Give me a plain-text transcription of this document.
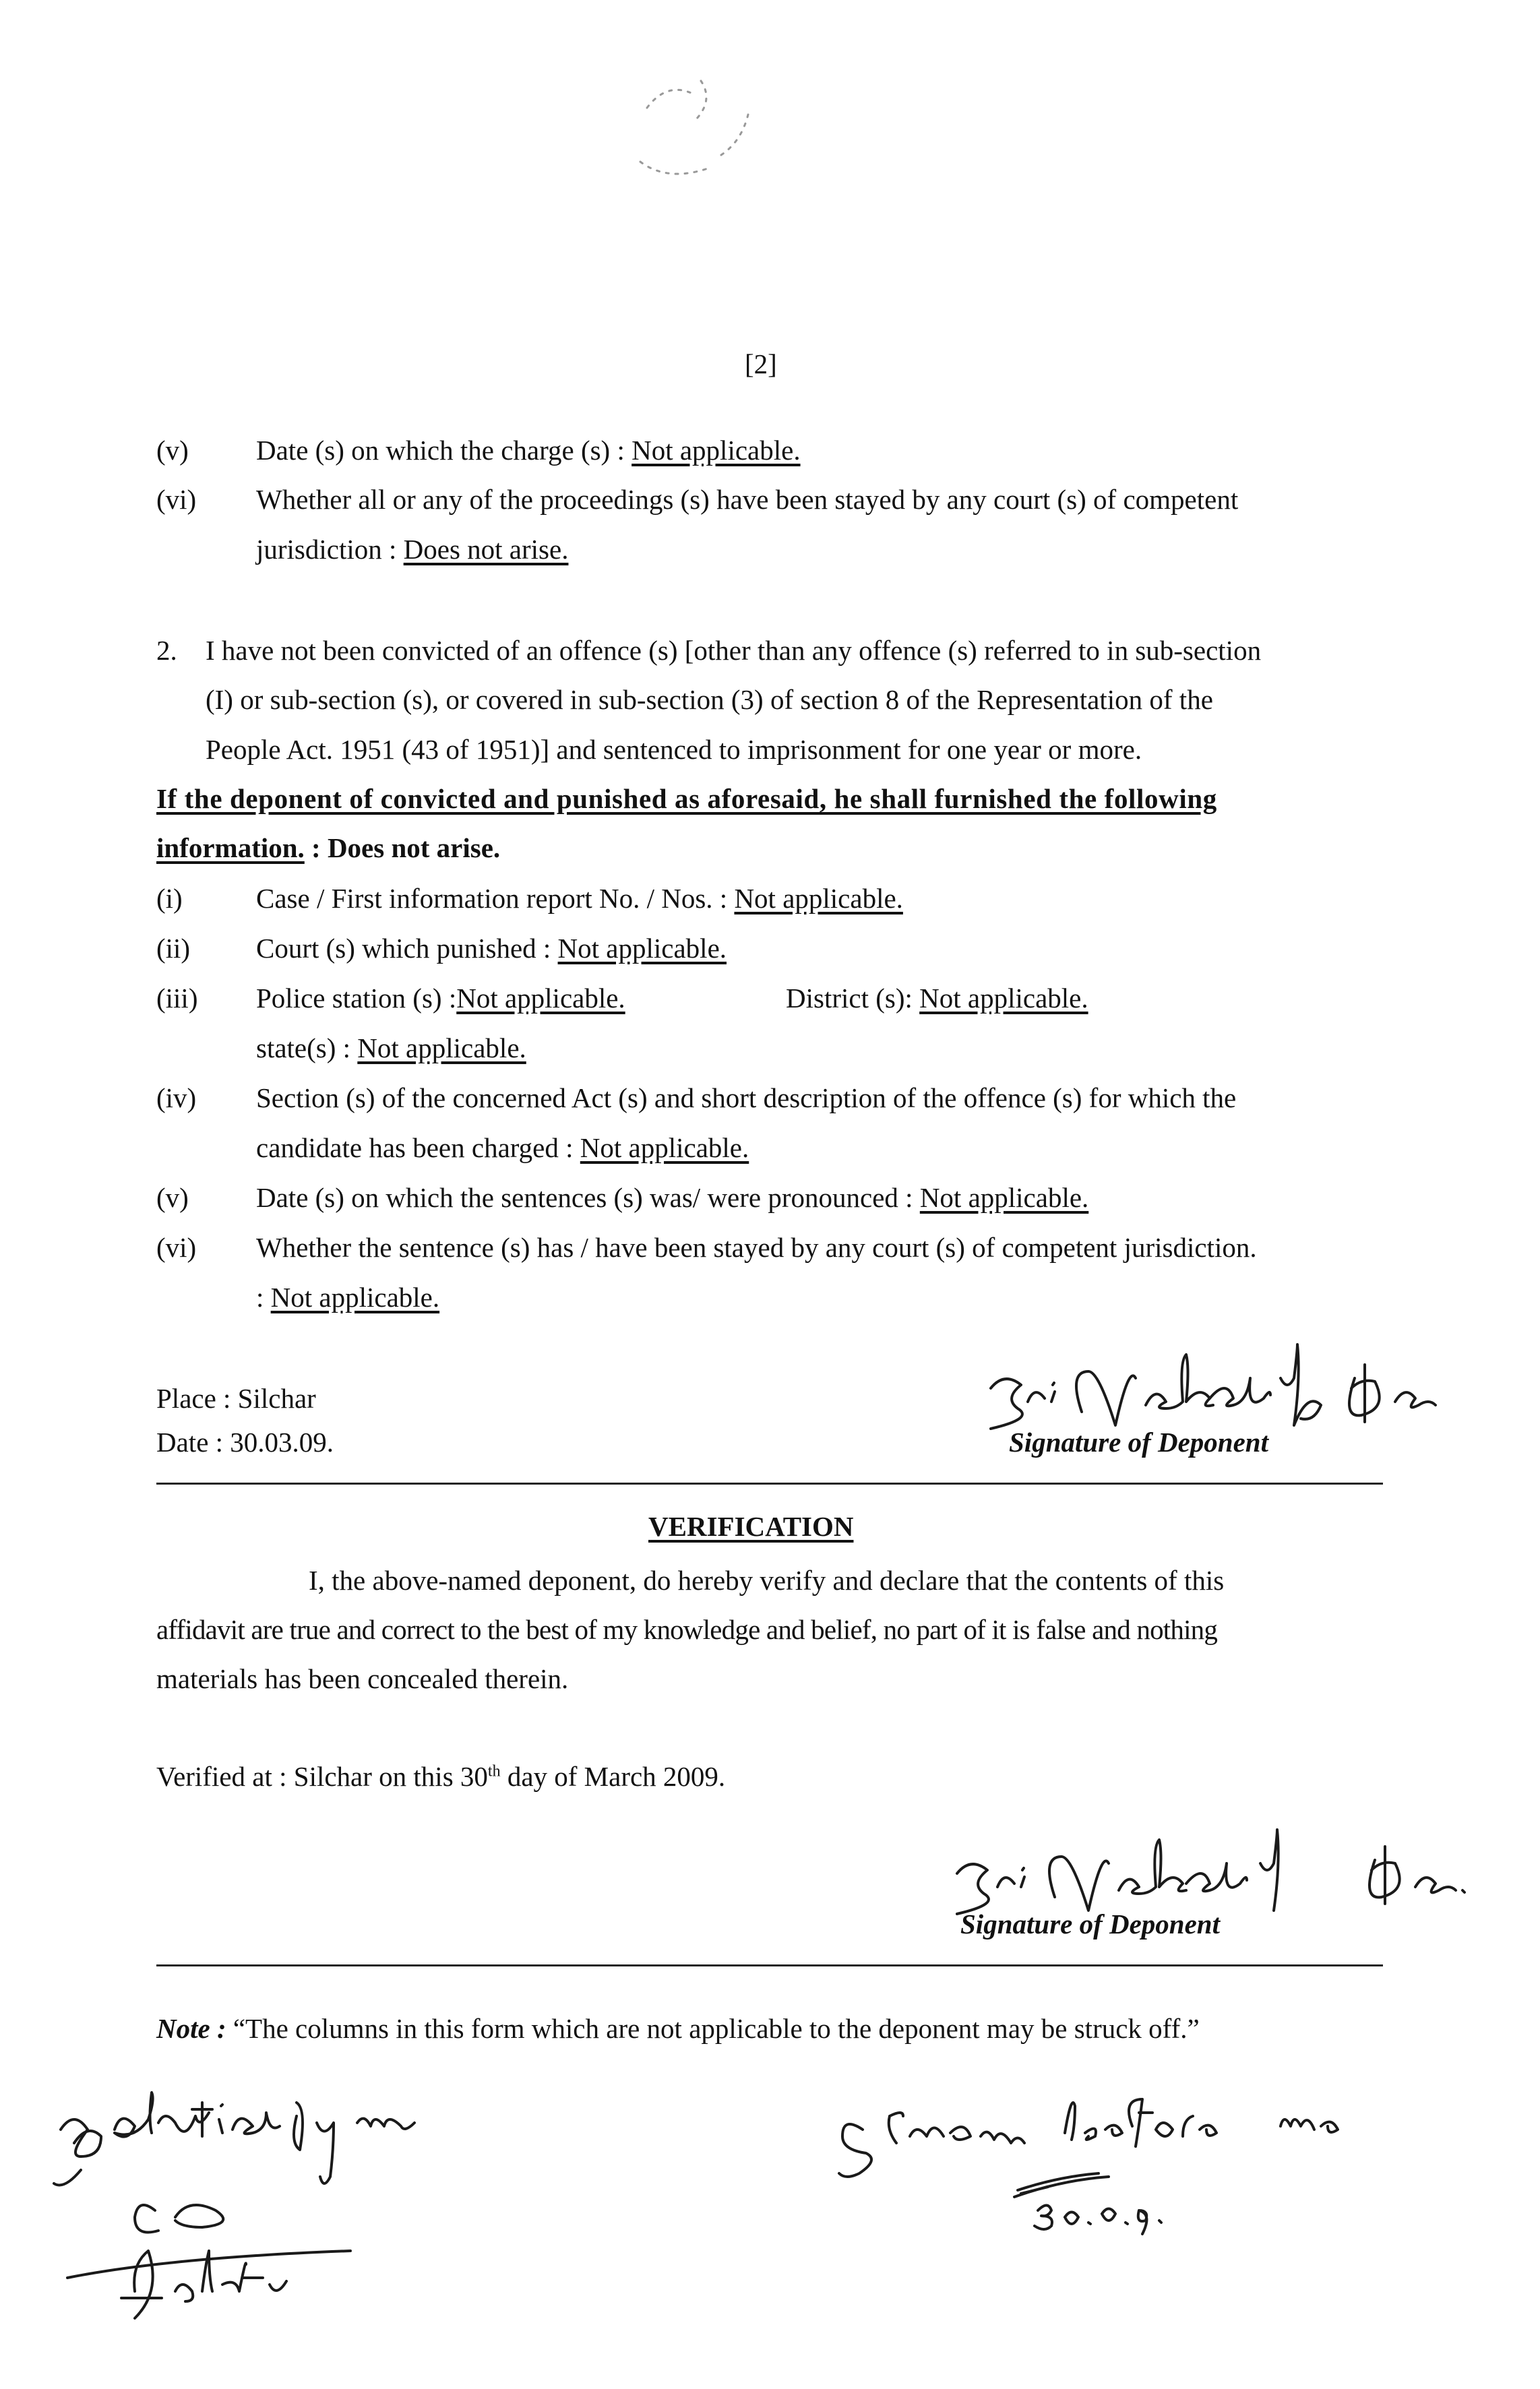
[2]
(v) Date (s) on which the charge (s) : Not applicable.
(vi) Whether all or any of the proceedings (s) have been stayed by any court (s) of competent
jurisdiction : Does not arise.
2. I have not been convicted of an offence (s) [other than any offence (s) referred to in sub-section
(I) or sub-section (s), or covered in sub-section (3) of section 8 of the Representation of the
People Act. 1951 (43 of 1951)] and sentenced to imprisonment for one year or more.
If the deponent of convicted and punished as aforesaid, he shall furnished the following
information. : Does not arise.
(i)	Case / First information report No. / Nos. : Not applicable.
(ii) Court (s) which punished : Not applicable.
(iii) Police station (s) :Not applicable.	District (s): Not applicable.
state(s) : Not applicable.
(iv) Section (s) of the concerned Act (s) and short description of the offence (s) for which the
candidate has been charged : Not applicable.
(v) Date (s) on which the sentences (s) was/ were pronounced : Not applicable.
(vi) Whether the sentence (s) has / have been stayed by any court (s) of competent jurisdiction.
: Not applicable.
Place : Silchar
Date : 30.03.09.	Signature of Deponent
VERIFICATION
I, the above-named deponent, do hereby verify and declare that the contents of this
affidavit are true and correct to the best of my knowledge and belief, no part of it is false and nothing
materials has been concealed therein.
Verified at : Silchar on this 30th day of March 2009.
Signature of Deponent
Note : “The columns in this form which are not applicable to the deponent may be struck off.”
